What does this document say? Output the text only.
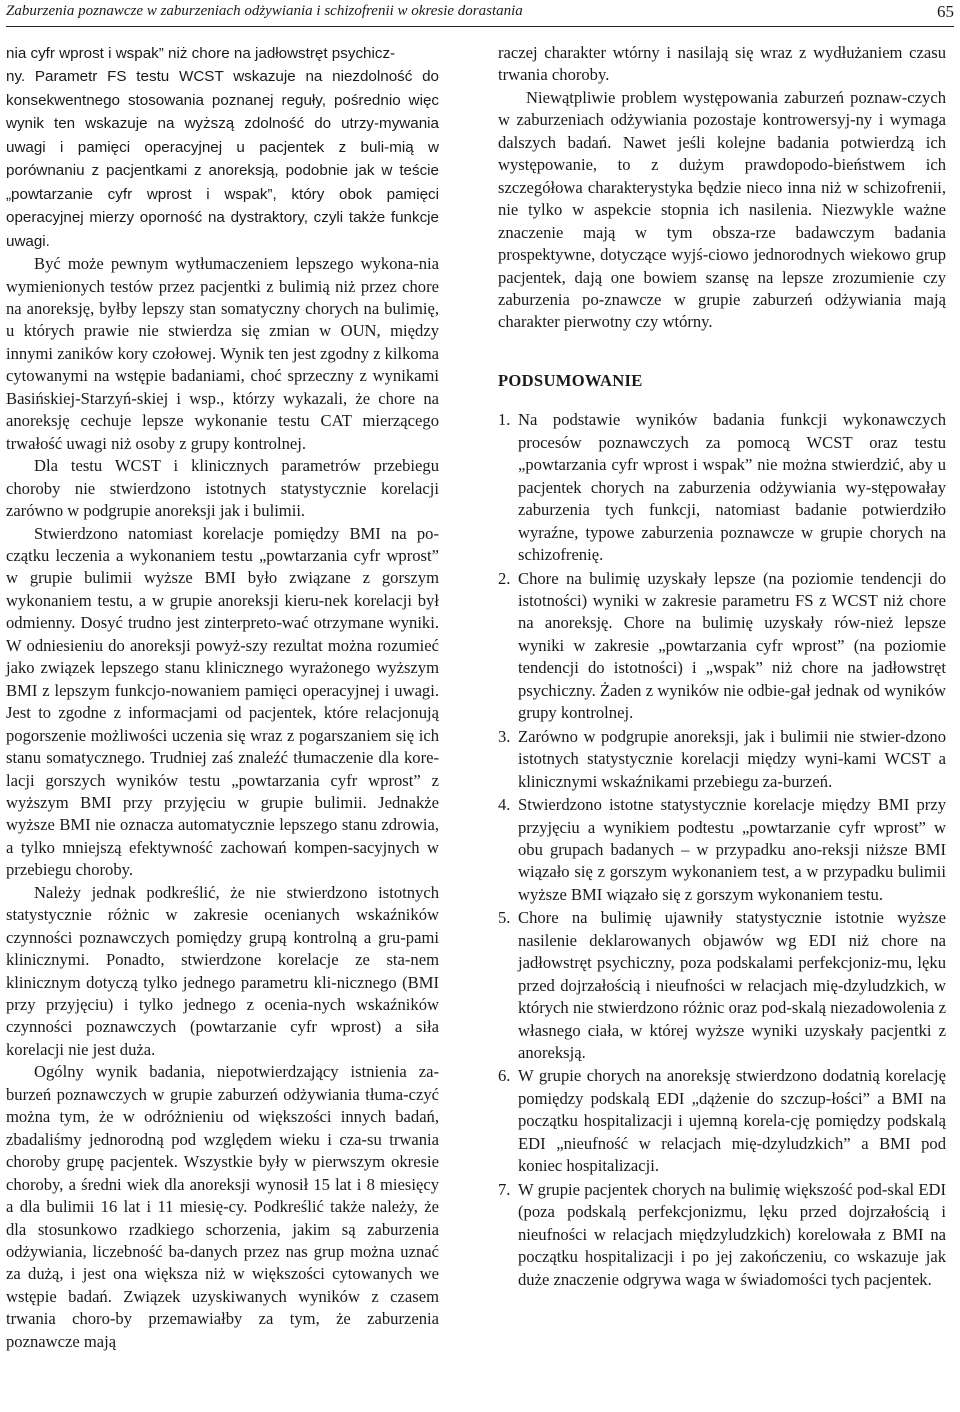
Zaburzenia poznawcze w zaburzeniach odżywiania i schizofrenii w okresie dorastania	65

nia cyfr wprost i wspak” niż chore na jadłowstręt psychicz-
ny. Parametr FS testu WCST wskazuje na niezdolność do konsekwentnego stosowania poznanej reguły, pośrednio więc wynik ten wskazuje na wyższą zdolność do utrzy-mywania uwagi i pamięci operacyjnej u pacjentek z buli-mią w porównaniu z pacjentkami z anoreksją, podobnie jak w teście „powtarzanie cyfr wprost i wspak”, który obok pamięci operacyjnej mierzy oporność na dystraktory, czyli także funkcje uwagi.

Być może pewnym wytłumaczeniem lepszego wykona-nia wymienionych testów przez pacjentki z bulimią niż przez chore na anoreksję, byłby lepszy stan somatyczny chorych na bulimię, u których prawie nie stwierdza się zmian w OUN, między innymi zaników kory czołowej. Wynik ten jest zgodny z kilkoma cytowanymi na wstępie badaniami, choć sprzeczny z wynikami Basińskiej-Starzyń-skiej i wsp., którzy wykazali, że chore na anoreksję cechuje lepsze wykonanie testu CAT mierzącego trwałość uwagi niż osoby z grupy kontrolnej.

Dla testu WCST i klinicznych parametrów przebiegu choroby nie stwierdzono istotnych statystycznie korelacji zarówno w podgrupie anoreksji jak i bulimii.

Stwierdzono natomiast korelacje pomiędzy BMI na po-czątku leczenia a wykonaniem testu „powtarzania cyfr wprost” w grupie bulimii wyższe BMI było związane z gorszym wykonaniem testu, a w grupie anoreksji kieru-nek korelacji był odmienny. Dosyć trudno jest zinterpreto-wać otrzymane wyniki. W odniesieniu do anoreksji powyż-szy rezultat można rozumieć jako związek lepszego stanu klinicznego wyrażonego wyższym BMI z lepszym funkcjo-nowaniem pamięci operacyjnej i uwagi. Jest to zgodne z informacjami od pacjentek, które relacjonują pogorszenie możliwości uczenia się wraz z pogarszaniem się ich stanu somatycznego. Trudniej zaś znaleźć tłumaczenie dla kore-lacji gorszych wyników testu „powtarzania cyfr wprost” z wyższym BMI przy przyjęciu w grupie bulimii. Jednakże wyższe BMI nie oznacza automatycznie lepszego stanu zdrowia, a tylko mniejszą efektywność zachowań kompen-sacyjnych w przebiegu choroby.

Należy jednak podkreślić, że nie stwierdzono istotnych statystycznie różnic w zakresie ocenianych wskaźników czynności poznawczych pomiędzy grupą kontrolną a gru-pami klinicznymi. Ponadto, stwierdzone korelacje ze sta-nem klinicznym dotyczą tylko jednego parametru kli-nicznego (BMI przy przyjęciu) i tylko jednego z ocenia-nych wskaźników czynności poznawczych (powtarzanie cyfr wprost) a siła korelacji nie jest duża.

Ogólny wynik badania, niepotwierdzający istnienia za-burzeń poznawczych w grupie zaburzeń odżywiania tłuma-czyć można tym, że w odróżnieniu od większości innych badań, zbadaliśmy jednorodną pod względem wieku i cza-su trwania choroby grupę pacjentek. Wszystkie były w pierwszym okresie choroby, a średni wiek dla anoreksji wynosił 15 lat i 8 miesięcy a dla bulimii 16 lat i 11 miesię-cy. Podkreślić także należy, że dla stosunkowo rzadkiego schorzenia, jakim są zaburzenia odżywiania, liczebność ba-danych przez nas grup można uznać za dużą, i jest ona większa niż w większości cytowanych we wstępie badań. Związek uzyskiwanych wyników z czasem trwania choro-by przemawiałby za tym, że zaburzenia poznawcze mają

raczej charakter wtórny i nasilają się wraz z wydłużaniem czasu trwania choroby.

Niewątpliwie problem występowania zaburzeń poznaw-czych w zaburzeniach odżywiania pozostaje kontrowersyj-ny i wymaga dalszych badań. Nawet jeśli kolejne badania potwierdzą ich występowanie, to z dużym prawdopodo-bieństwem ich szczegółowa charakterystyka będzie nieco inna niż w schizofrenii, nie tylko w aspekcie stopnia ich nasilenia. Niezwykle ważne znaczenie mają w tym obsza-rze badawczym badania prospektywne, dotyczące wyjś-ciowo jednorodnych wiekowo grup pacjentek, dają one bowiem szansę na lepsze zrozumienie czy zaburzenia po-znawcze w grupie zaburzeń odżywiania mają charakter pierwotny czy wtórny.

PODSUMOWANIE
1. Na podstawie wyników badania funkcji wykonawczych procesów poznawczych za pomocą WCST oraz testu „powtarzania cyfr wprost i wspak” nie można stwierdzić, aby u pacjentek chorych na zaburzenia odżywiania wy-stępowałay zaburzenia tych funkcji, natomiast badanie potwierdziło wyraźne, typowe zaburzenia poznawcze w grupie chorych na schizofrenię.
2. Chore na bulimię uzyskały lepsze (na poziomie tendencji do istotności) wyniki w zakresie parametru FS z WCST niż chore na anoreksję. Chore na bulimię uzyskały rów-nież lepsze wyniki w zakresie „powtarzania cyfr wprost” (na poziomie tendencji do istotności) i „wspak” niż chore na jadłowstręt psychiczny. Żaden z wyników nie odbie-gał jednak od wyników grupy kontrolnej.
3. Zarówno w podgrupie anoreksji, jak i bulimii nie stwier-dzono istotnych statystycznie korelacji między wyni-kami WCST a klinicznymi wskaźnikami przebiegu za-burzeń.
4. Stwierdzono istotne statystycznie korelacje między BMI przy przyjęciu a wynikiem podtestu „powtarzanie cyfr wprost” w obu grupach badanych – w przypadku ano-reksji niższe BMI wiązało się z gorszym wykonaniem test, a w przypadku bulimii wyższe BMI wiązało się z gorszym wykonaniem testu.
5. Chore na bulimię ujawniły statystycznie istotnie wyższe nasilenie deklarowanych objawów wg EDI niż chore na jadłowstręt psychiczny, poza podskalami perfekcjoniz-mu, lęku przed dojrzałością i nieufności w relacjach mię-dzyludzkich, w których nie stwierdzono różnic oraz pod-skalą niezadowolenia z własnego ciała, w której wyższe wyniki uzyskały pacjentki z anoreksją.
6. W grupie chorych na anoreksję stwierdzono dodatnią korelację pomiędzy podskalą EDI „dążenie do szczup-łości” a BMI na początku hospitalizacji i ujemną korela-cję pomiędzy podskalą EDI „nieufność w relacjach mię-dzyludzkich” a BMI pod koniec hospitalizacji.
7. W grupie pacjentek chorych na bulimię większość pod-skal EDI (poza podskalą perfekcjonizmu, lęku przed dojrzałością i nieufności w relacjach międzyludzkich) korelowała z BMI na początku hospitalizacji i po jej zakończeniu, co wskazuje jak duże znaczenie odgrywa waga w świadomości tych pacjentek.
